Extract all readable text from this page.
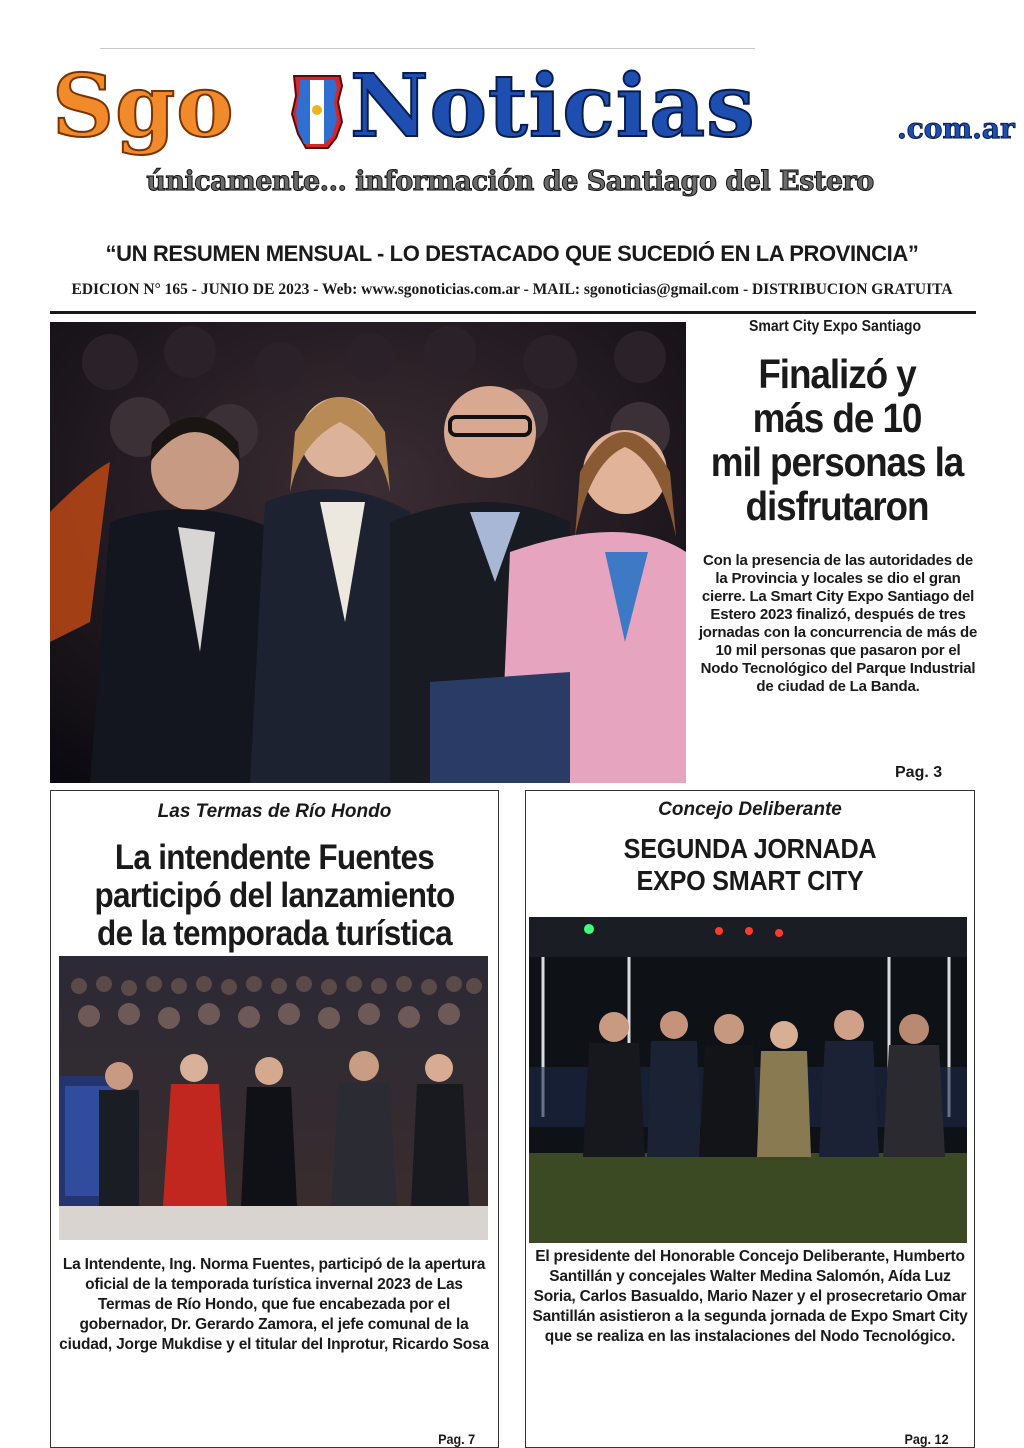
Sgo Noticias	.com.ar
únicamente... información de Santiago del Estero
“UN RESUMEN MENSUAL - LO DESTACADO QUE SUCEDIÓ EN LA PROVINCIA”
EDICION N° 165 - JUNIO DE 2023 - Web: www.sgonoticias.com.ar - MAIL: sgonoticias@gmail.com - DISTRIBUCION GRATUITA
Smart City Expo Santiago
Finalizó y
más de 10
mil personas la
disfrutaron
Con la presencia de las autoridades de la Provincia y locales se dio el gran cierre. La Smart City Expo Santiago del Estero 2023 finalizó, después de tres jornadas con la concurrencia de más de 10 mil personas que pasaron por el Nodo Tecnológico del Parque Industrial de ciudad de La Banda.
Pag. 3
Las Termas de Río Hondo
La intendente Fuentes
participó del lanzamiento
de la temporada turística
La Intendente, Ing. Norma Fuentes, participó de la apertura oficial de la temporada turística invernal 2023 de Las Termas de Río Hondo, que fue encabezada por el gobernador, Dr. Gerardo Zamora, el jefe comunal de la ciudad, Jorge Mukdise y el titular del Inprotur, Ricardo Sosa
Pag. 7
Concejo Deliberante
SEGUNDA JORNADA
EXPO SMART CITY
El presidente del Honorable Concejo Deliberante, Humberto Santillán y concejales Walter Medina Salomón, Aída Luz Soria, Carlos Basualdo, Mario Nazer y el prosecretario Omar Santillán asistieron a la segunda jornada de Expo Smart City que se realiza en las instalaciones del Nodo Tecnológico.
Pag. 12
